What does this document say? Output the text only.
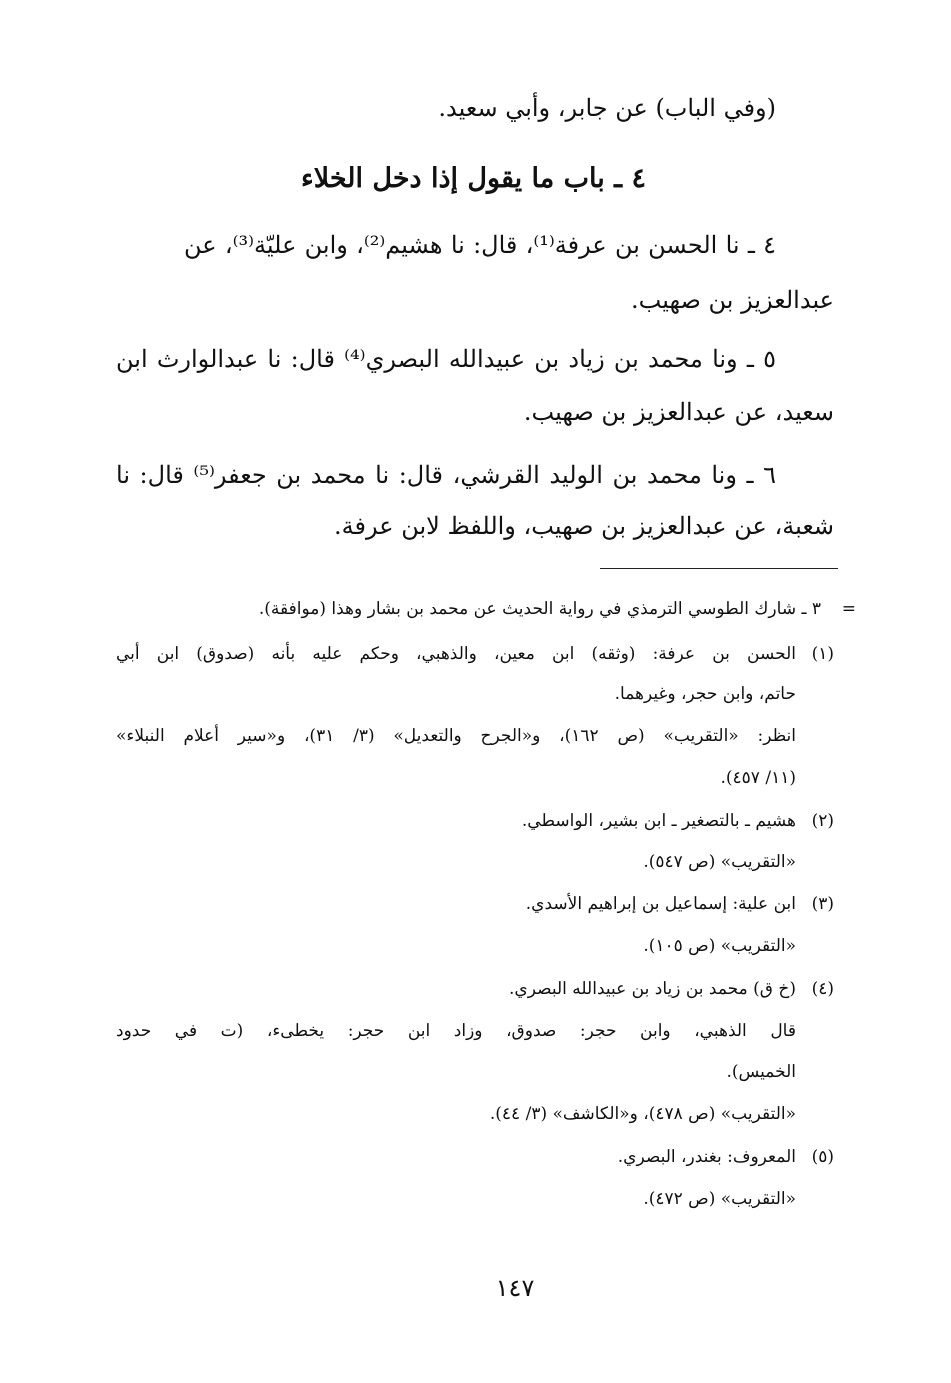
(وفي الباب) عن جابر، وأبي سعيد.

٤ ـ باب ما يقول إذا دخل الخلاء

٤ ـ نا الحسن بن عرفة⁽¹⁾، قال: نا هشيم⁽²⁾، وابن عليّة⁽³⁾، عن

عبدالعزيز بن صهيب.

٥ ـ ونا محمد بن زياد بن عبيدالله البصري⁽⁴⁾ قال: نا عبدالوارث ابن

سعيد، عن عبدالعزيز بن صهيب.

٦ ـ ونا محمد بن الوليد القرشي، قال: نا محمد بن جعفر⁽⁵⁾ قال: نا

شعبة، عن عبدالعزيز بن صهيب، واللفظ لابن عرفة.

=

٣ ـ شارك الطوسي الترمذي في رواية الحديث عن محمد بن بشار وهذا (موافقة).

(١)

الحسن بن عرفة: (وثقه) ابن معين، والذهبي، وحكم عليه بأنه (صدوق) ابن أبي

حاتم، وابن حجر، وغيرهما.

انظر: «التقريب» (ص ١٦٢)، و«الجرح والتعديل» (٣/ ٣١)، و«سير أعلام النبلاء»

(١١/ ٤٥٧).

(٢)

هشيم ـ بالتصغير ـ ابن بشير، الواسطي.

«التقريب» (ص ٥٤٧).

(٣)

ابن علية: إسماعيل بن إبراهيم الأسدي.

«التقريب» (ص ١٠٥).

(٤)

(خ ق) محمد بن زياد بن عبيدالله البصري.

قال الذهبي، وابن حجر: صدوق، وزاد ابن حجر: يخطىء، (ت في حدود

الخميس).

«التقريب» (ص ٤٧٨)، و«الكاشف» (٣/ ٤٤).

(٥)

المعروف: بغندر، البصري.

«التقريب» (ص ٤٧٢).

١٤٧
